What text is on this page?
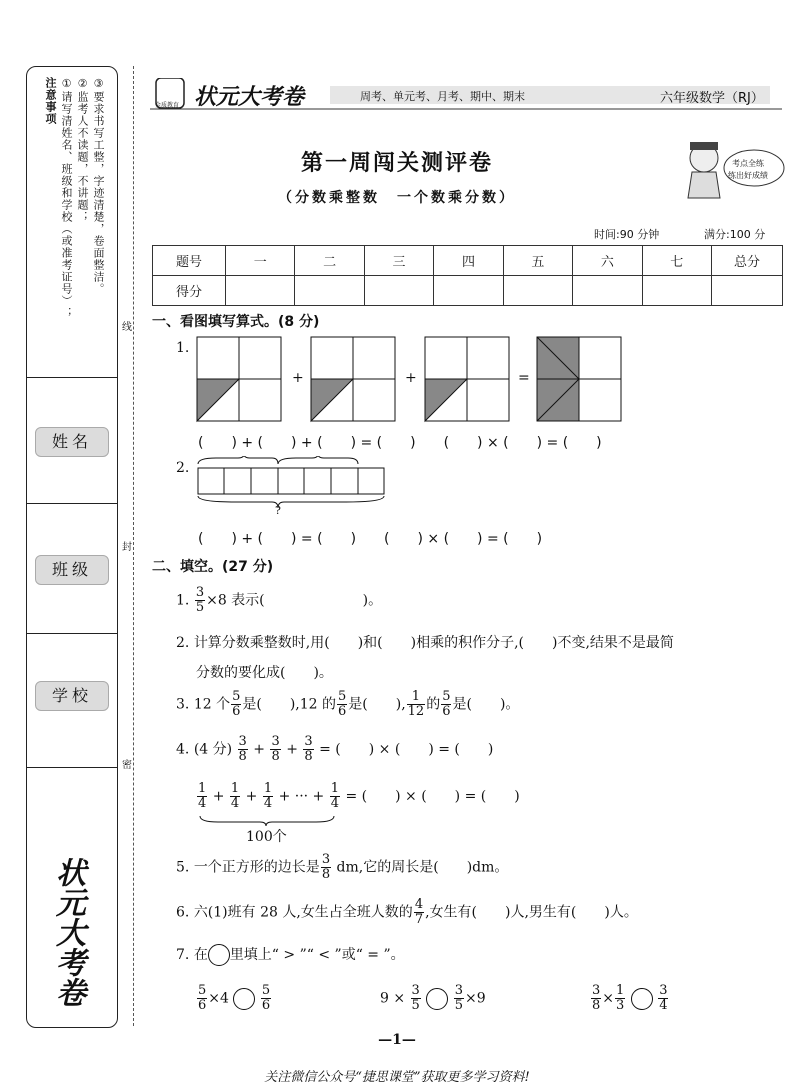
注意事项 ①请写清姓名、班级和学校（或准考证号）； ②监考人不读题，不讲题； ③要求书写工整，字迹清楚，卷面整洁。
姓名
班级
学校
状元大考卷
线
封
密
金质教育 状元大考卷	周考、单元考、月考、期中、期末	六年级数学（RJ）
第一周闯关测评卷
（分数乘整数　一个数乘分数）
考点全练
练出好成绩
时间:90 分钟	满分:100 分
题号	一	二	三	四	五	六	七	总分
得分								
一、看图填写算式。(8 分)
1.
+	+	=
(　　) + (　　) + (　　) = (　　)　　(　　) × (　　) = (　　)
2.
?
(　　) + (　　) = (　　)　　(　　) × (　　) = (　　)
二、填空。(27 分)
1. $\frac{3}{5} \times 8$ 表示(　　　　　　　)。
2. 计算分数乘整数时,用(　　)和(　　)相乘的积作分子,(　　)不变,结果不是最简
分数的要化成(　　)。
3. 12 个 $\frac{5}{6}$ 是(　　),12 的 $\frac{5}{6}$ 是(　　), $\frac{1}{12}$ 的 $\frac{5}{6}$ 是(　　)。
4. (4 分) $\frac{3}{8} + \frac{3}{8} + \frac{3}{8}$ = (　　) × (　　) = (　　)
$\frac{1}{4} + \frac{1}{4} + \frac{1}{4}$ + ··· + $\frac{1}{4}$ = (　　) × (　　) = (　　)
100个
5. 一个正方形的边长是 $\frac{3}{8}$ dm,它的周长是(　　)dm。
6. 六(1)班有 28 人,女生占全班人数的 $\frac{4}{7}$ ,女生有(　　)人,男生有(　　)人。
7. 在 里填上“ > ”“ < ”或“ = ”。
$\frac{5}{6} \times 4 \frac{5}{6}$	$9 \times \frac{3}{5}$
	$\frac{3}{5} \times 9$	$\frac{3}{8} \times \frac{1}{3}$
	$\frac{3}{4}$
—1—
关注微信公众号“捷思课堂”获取更多学习资料!
